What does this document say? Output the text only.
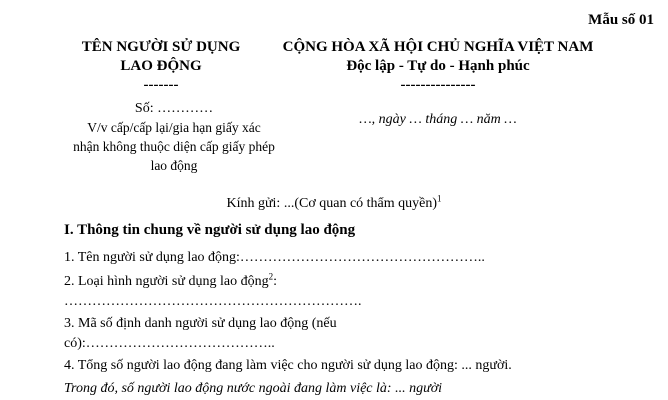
Mẫu số 01
TÊN NGƯỜI SỬ DỤNG
LAO ĐỘNG
-------
CỘNG HÒA XÃ HỘI CHỦ NGHĨA VIỆT NAM
Độc lập - Tự do - Hạnh phúc
---------------
Số: …………
V/v cấp/cấp lại/gia hạn giấy xác
nhận không thuộc diện cấp giấy phép
lao động
…, ngày … tháng … năm …
Kính gửi: ...(Cơ quan có thẩm quyền)$^1$
I. Thông tin chung về người sử dụng lao động
1. Tên người sử dụng lao động:……………………………………………..
2. Loại hình người sử dụng lao động$^2$:
……………………………………………………….
3. Mã số định danh người sử dụng lao động (nếu
có):…………………………………..
4. Tổng số người lao động đang làm việc cho người sử dụng lao động: ... người.
Trong đó, số người lao động nước ngoài đang làm việc là: ... người
